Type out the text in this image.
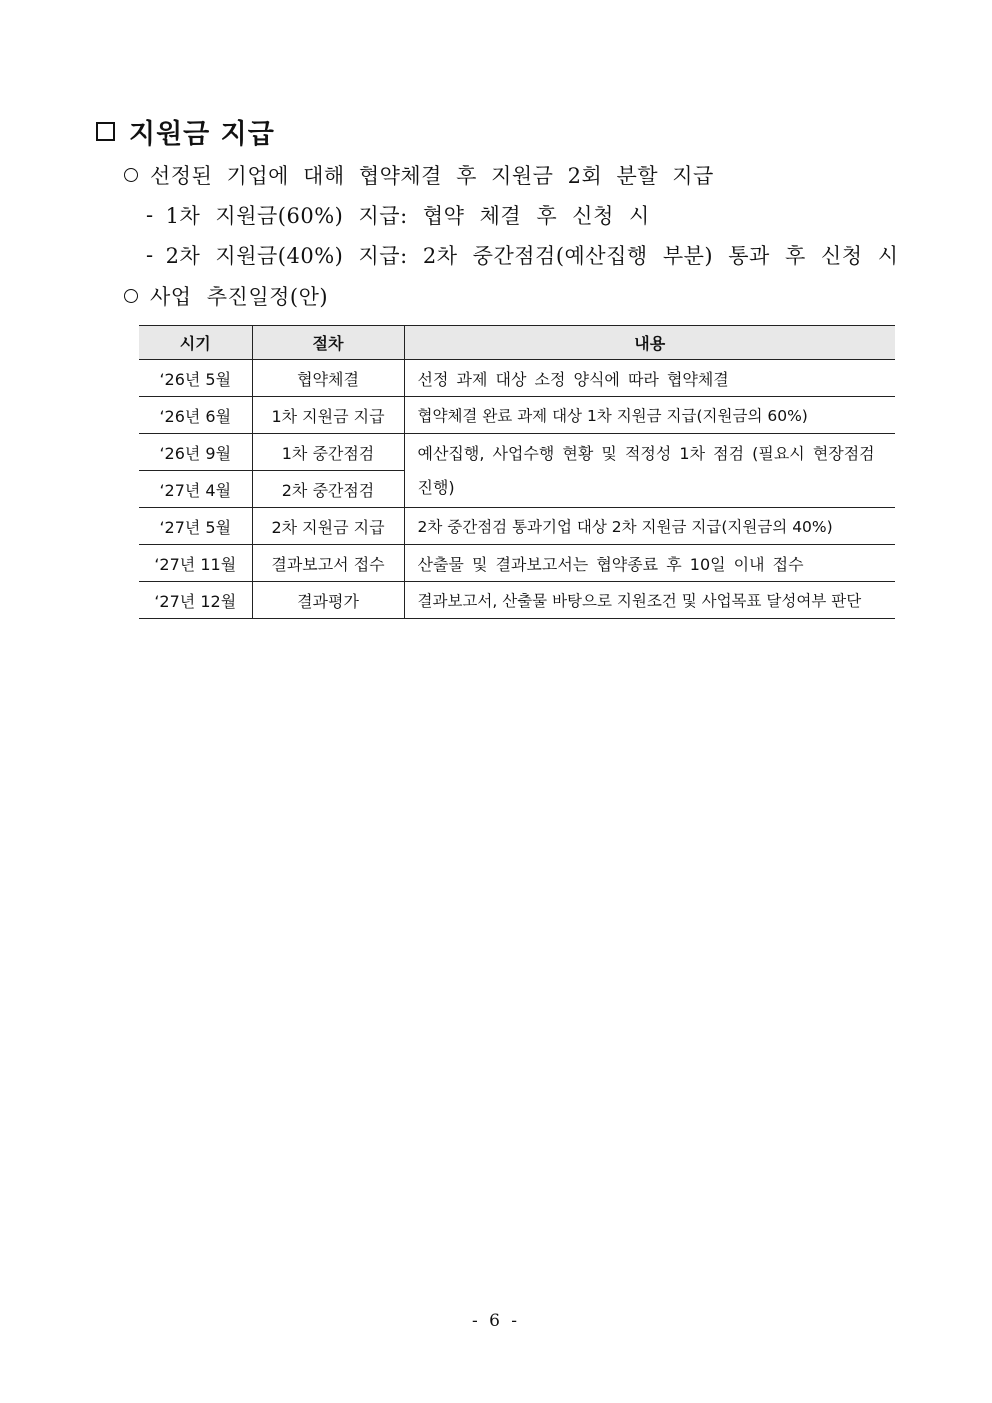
지원금 지급
선정된 기업에 대해 협약체결 후 지원금 2회 분할 지급
- 1차 지원금(60%) 지급: 협약 체결 후 신청 시
- 2차 지원금(40%) 지급: 2차 중간점검(예산집행 부분) 통과 후 신청 시
사업 추진일정(안)
시기	절차	내용
‘26년 5월	협약체결	선정 과제 대상 소정 양식에 따라 협약체결
‘26년 6월	1차 지원금 지급	협약체결 완료 과제 대상 1차 지원금 지급(지원금의 60%)
‘26년 9월	1차 중간점검	예산집행, 사업수행 현황 및 적정성 1차 점검 (필요시 현장점검 진행)
‘27년 4월	2차 중간점검	
‘27년 5월	2차 지원금 지급	2차 중간점검 통과기업 대상 2차 지원금 지급(지원금의 40%)
‘27년 11월	결과보고서 접수	산출물 및 결과보고서는 협약종료 후 10일 이내 접수
‘27년 12월	결과평가	결과보고서, 산출물 바탕으로 지원조건 및 사업목표 달성여부 판단
- 6 -
